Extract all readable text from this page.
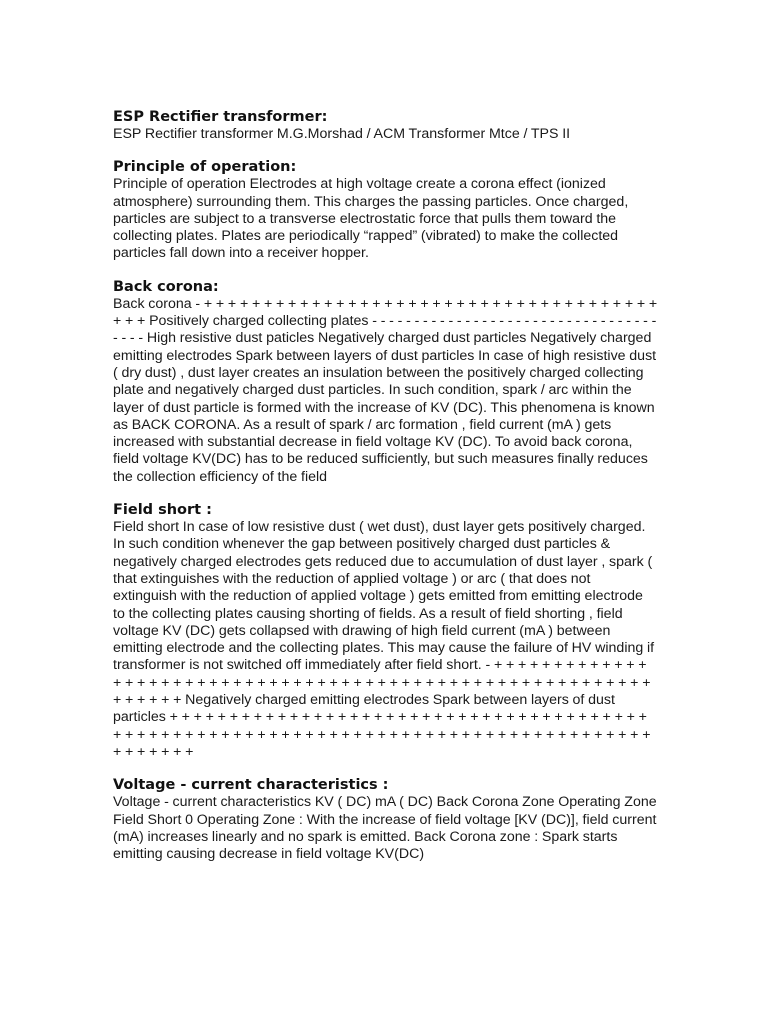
ESP Rectifier transformer:

ESP Rectifier transformer M.G.Morshad / ACM Transformer Mtce / TPS II

Principle of operation:

Principle of operation Electrodes at high voltage create a corona effect (ionized atmosphere) surrounding them. This charges the passing particles. Once charged, particles are subject to a transverse electrostatic force that pulls them toward the collecting plates. Plates are periodically “rapped” (vibrated) to make the collected particles fall down into a receiver hopper.

Back corona:

Back corona - + + + + + + + + + + + + + + + + + + + + + + + + + + + + + + + + + + + + + + + + + Positively charged collecting plates - - - - - - - - - - - - - - - - - - - - - - - - - - - - - - - - - - - - - - High resistive dust paticles Negatively charged dust particles Negatively charged emitting electrodes Spark between layers of dust particles In case of high resistive dust ( dry dust) , dust layer creates an insulation between the positively charged collecting plate and negatively charged dust particles. In such condition, spark / arc within the layer of dust particle is formed with the increase of KV (DC). This phenomena is known as BACK CORONA. As a result of spark / arc formation , field current (mA ) gets increased with substantial decrease in field voltage KV (DC). To avoid back corona, field voltage KV(DC) has to be reduced sufficiently, but such measures finally reduces the collection efficiency of the field

Field short :

Field short In case of low resistive dust ( wet dust), dust layer gets positively charged. In such condition whenever the gap between positively charged dust particles & negatively charged electrodes gets reduced due to accumulation of dust layer , spark ( that extinguishes with the reduction of applied voltage ) or arc ( that does not extinguish with the reduction of applied voltage ) gets emitted from emitting electrode to the collecting plates causing shorting of fields. As a result of field shorting , field voltage KV (DC) gets collapsed with drawing of high field current (mA ) between emitting electrode and the collecting plates. This may cause the failure of HV winding if transformer is not switched off immediately after field short. - + + + + + + + + + + + + + + + + + + + + + + + + + + + + + + + + + + + + + + + + + + + + + + + + + + + + + + + + + + + + + + + + Negatively charged emitting electrodes Spark between layers of dust particles + + + + + + + + + + + + + + + + + + + + + + + + + + + + + + + + + + + + + + + + + + + + + + + + + + + + + + + + + + + + + + + + + + + + + + + + + + + + + + + + + + + + + + + + + + + +

Voltage - current characteristics :

Voltage - current characteristics KV ( DC) mA ( DC) Back Corona Zone Operating Zone Field Short 0 Operating Zone : With the increase of field voltage [KV (DC)], field current (mA) increases linearly and no spark is emitted. Back Corona zone : Spark starts emitting causing decrease in field voltage KV(DC)
